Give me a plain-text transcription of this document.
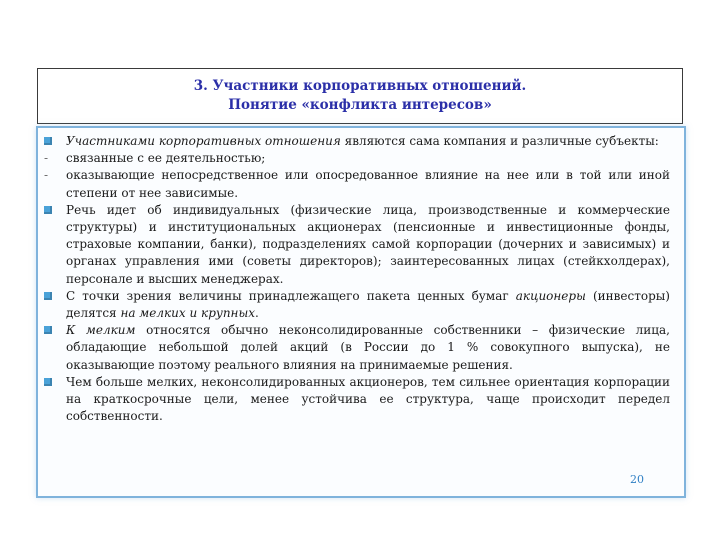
3. Участники корпоративных отношений.
Понятие «конфликта интересов»
Участниками корпоративных отношения являются сама компания и различные субъекты:
- связанные с ее деятельностью;
- оказывающие непосредственное или опосредованное влияние на нее или в той или иной степени от нее зависимые.
Речь идет об индивидуальных (физические лица, производственные и коммерческие структуры) и институциональных акционерах (пенсионные и инвестиционные фонды, страховые компании, банки), подразделениях самой корпорации (дочерних и зависимых) и органах управления ими (советы директоров); заинтересованных лицах (стейкхолдерах), персонале и высших менеджерах.
С точки зрения величины принадлежащего пакета ценных бумаг акционеры (инвесторы) делятся на мелких и крупных.
К мелким относятся обычно неконсолидированные собственники – физические лица, обладающие небольшой долей акций (в России до 1 % совокупного выпуска), не оказывающие поэтому реального влияния на принимаемые решения.
Чем больше мелких, неконсолидированных акционеров, тем сильнее ориентация корпорации на краткосрочные цели, менее устойчива ее структура, чаще происходит передел собственности.
20
